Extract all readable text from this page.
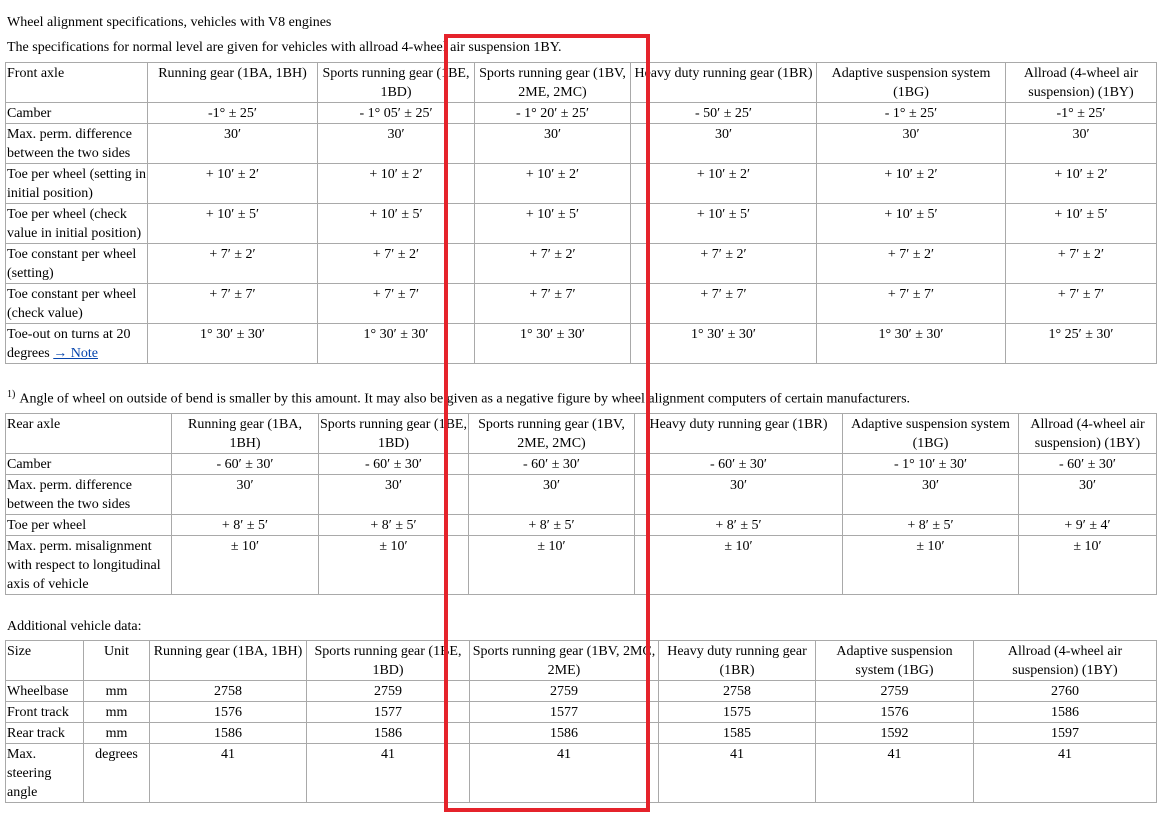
Wheel alignment specifications, vehicles with V8 engines
The specifications for normal level are given for vehicles with allroad 4-wheel air suspension 1BY.
Front axle	Running gear (1BA, 1BH)	Sports running gear (1BE, 1BD)	Sports running gear (1BV, 2ME, 2MC)	Heavy duty running gear (1BR)	Adaptive suspension system (1BG)	Allroad (4-wheel air suspension) (1BY)
Camber	-1° ± 25′	- 1° 05′ ± 25′	- 1° 20′ ± 25′	- 50′ ± 25′	- 1° ± 25′	-1° ± 25′
Max. perm. difference between the two sides	30′	30′	30′	30′	30′	30′
Toe per wheel (setting in initial position)	+ 10′ ± 2′	+ 10′ ± 2′	+ 10′ ± 2′	+ 10′ ± 2′	+ 10′ ± 2′	+ 10′ ± 2′
Toe per wheel (check value in initial position)	+ 10′ ± 5′	+ 10′ ± 5′	+ 10′ ± 5′	+ 10′ ± 5′	+ 10′ ± 5′	+ 10′ ± 5′
Toe constant per wheel (setting)	+ 7′ ± 2′	+ 7′ ± 2′	+ 7′ ± 2′	+ 7′ ± 2′	+ 7′ ± 2′	+ 7′ ± 2′
Toe constant per wheel (check value)	+ 7′ ± 7′	+ 7′ ± 7′	+ 7′ ± 7′	+ 7′ ± 7′	+ 7′ ± 7′	+ 7′ ± 7′
Toe-out on turns at 20 degrees → Note	1° 30′ ± 30′	1° 30′ ± 30′	1° 30′ ± 30′	1° 30′ ± 30′	1° 30′ ± 30′	1° 25′ ± 30′
$^{1)}$ Angle of wheel on outside of bend is smaller by this amount. It may also be given as a negative figure by wheel alignment computers of certain manufacturers.
Rear axle	Running gear (1BA, 1BH)	Sports running gear (1BE, 1BD)	Sports running gear (1BV, 2ME, 2MC)	Heavy duty running gear (1BR)	Adaptive suspension system (1BG)	Allroad (4-wheel air suspension) (1BY)
Camber	- 60′ ± 30′	- 60′ ± 30′	- 60′ ± 30′	- 60′ ± 30′	- 1° 10′ ± 30′	- 60′ ± 30′
Max. perm. difference between the two sides	30′	30′	30′	30′	30′	30′
Toe per wheel	+ 8′ ± 5′	+ 8′ ± 5′	+ 8′ ± 5′	+ 8′ ± 5′	+ 8′ ± 5′	+ 9′ ± 4′
Max. perm. misalignment with respect to longitudinal axis of vehicle	± 10′	± 10′	± 10′	± 10′	± 10′	± 10′
Additional vehicle data:
Size	Unit	Running gear (1BA, 1BH)	Sports running gear (1BE, 1BD)	Sports running gear (1BV, 2MC, 2ME)	Heavy duty running gear (1BR)	Adaptive suspension system (1BG)	Allroad (4-wheel air suspension) (1BY)
Wheelbase	mm	2758	2759	2759	2758	2759	2760
Front track	mm	1576	1577	1577	1575	1576	1586
Rear track	mm	1586	1586	1586	1585	1592	1597
Max. steering angle	degrees	41	41	41	41	41	41
